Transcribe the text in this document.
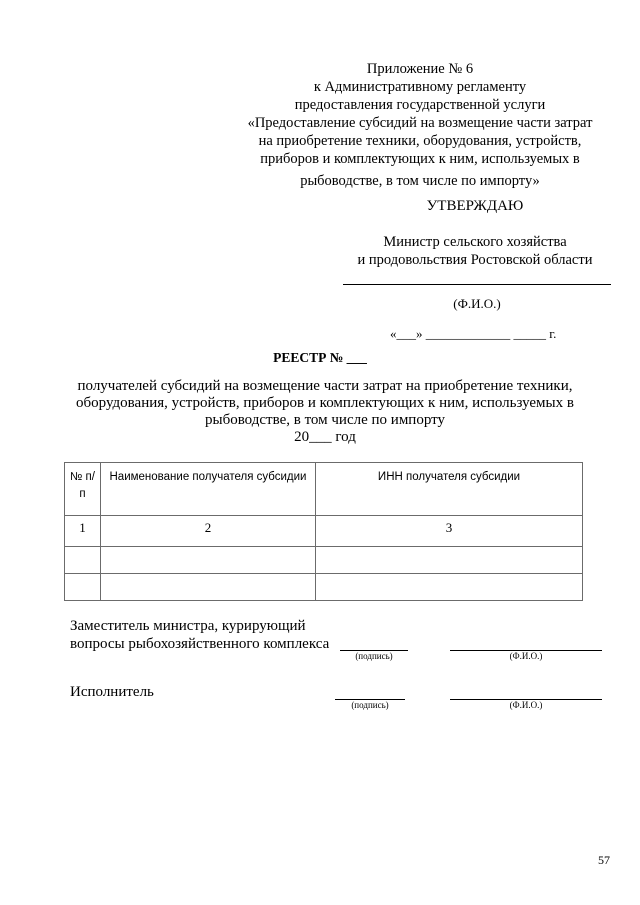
Приложение № 6
к Административному регламенту
предоставления государственной услуги
«Предоставление субсидий на возмещение части затрат
на приобретение техники, оборудования, устройств,
приборов и комплектующих к ним, используемых в
рыбоводстве, в том числе по импорту»
УТВЕРЖДАЮ
Министр сельского хозяйства
и продовольствия Ростовской области
(Ф.И.О.)
«___» _____________ _____ г.
РЕЕСТР № ___
получателей субсидий на возмещение части затрат на приобретение техники,
оборудования, устройств, приборов и комплектующих к ним, используемых в
рыбоводстве, в том числе по импорту
20___ год
№ п/п	Наименование получателя субсидии	ИНН получателя субсидии
1	2	3

Заместитель министра, курирующий
вопросы рыбохозяйственного комплекса
(подпись)	(Ф.И.О.)
Исполнитель
(подпись)	(Ф.И.О.)
57
